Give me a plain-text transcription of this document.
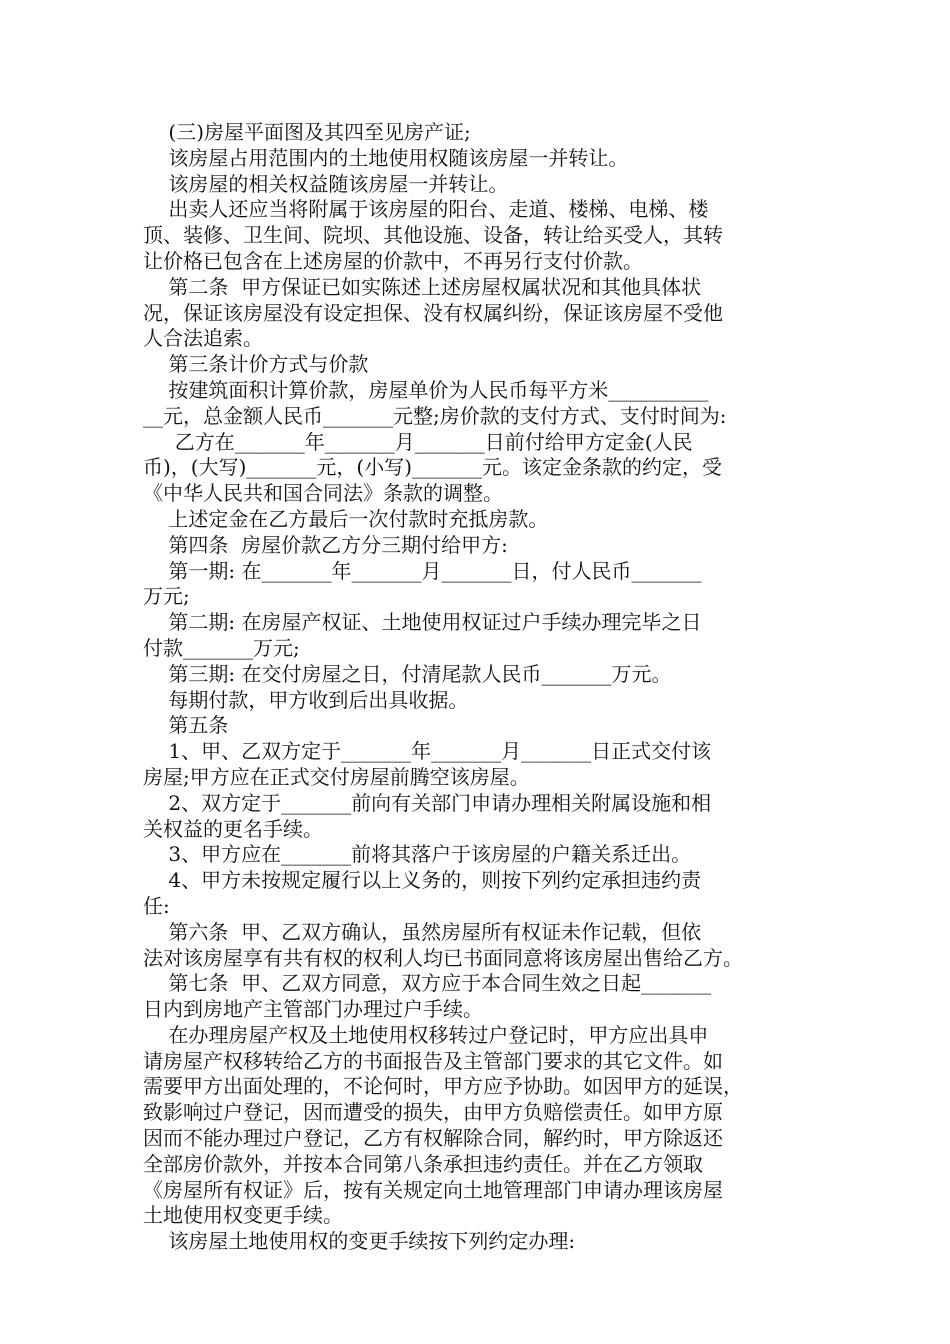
(三)房屋平面图及其四至见房产证;
该房屋占用范围内的土地使用权随该房屋一并转让。
该房屋的相关权益随该房屋一并转让。
出卖人还应当将附属于该房屋的阳台、走道、楼梯、电梯、楼
顶、装修、卫生间、院坝、其他设施、设备，转让给买受人，其转
让价格已包含在上述房屋的价款中，不再另行支付价款。
第二条  甲方保证已如实陈述上述房屋权属状况和其他具体状
况，保证该房屋没有设定担保、没有权属纠纷，保证该房屋不受他
人合法追索。
第三条计价方式与价款
按建筑面积计算价款，房屋单价为人民币每平方米__________
__元，总金额人民币_______元整;房价款的支付方式、支付时间为:
乙方在_______年_______月_______日前付给甲方定金(人民
币)，(大写)_______元，(小写)_______元。该定金条款的约定，受
《中华人民共和国合同法》条款的调整。
上述定金在乙方最后一次付款时充抵房款。
第四条  房屋价款乙方分三期付给甲方:
第一期: 在_______年_______月_______日，付人民币_______
万元;
第二期: 在房屋产权证、土地使用权证过户手续办理完毕之日
付款_______万元;
第三期: 在交付房屋之日，付清尾款人民币_______万元。
每期付款，甲方收到后出具收据。
第五条
1、甲、乙双方定于_______年_______月_______日正式交付该
房屋;甲方应在正式交付房屋前腾空该房屋。
2、双方定于_______前向有关部门申请办理相关附属设施和相
关权益的更名手续。
3、甲方应在_______前将其落户于该房屋的户籍关系迁出。
4、甲方未按规定履行以上义务的，则按下列约定承担违约责
任:
第六条  甲、乙双方确认，虽然房屋所有权证未作记载，但依
法对该房屋享有共有权的权利人均已书面同意将该房屋出售给乙方。
第七条  甲、乙双方同意，双方应于本合同生效之日起_______
日内到房地产主管部门办理过户手续。
在办理房屋产权及土地使用权移转过户登记时，甲方应出具申
请房屋产权移转给乙方的书面报告及主管部门要求的其它文件。如
需要甲方出面处理的，不论何时，甲方应予协助。如因甲方的延误，
致影响过户登记，因而遭受的损失，由甲方负赔偿责任。如甲方原
因而不能办理过户登记，乙方有权解除合同，解约时，甲方除返还
全部房价款外，并按本合同第八条承担违约责任。并在乙方领取
《房屋所有权证》后，按有关规定向土地管理部门申请办理该房屋
土地使用权变更手续。
该房屋土地使用权的变更手续按下列约定办理:
